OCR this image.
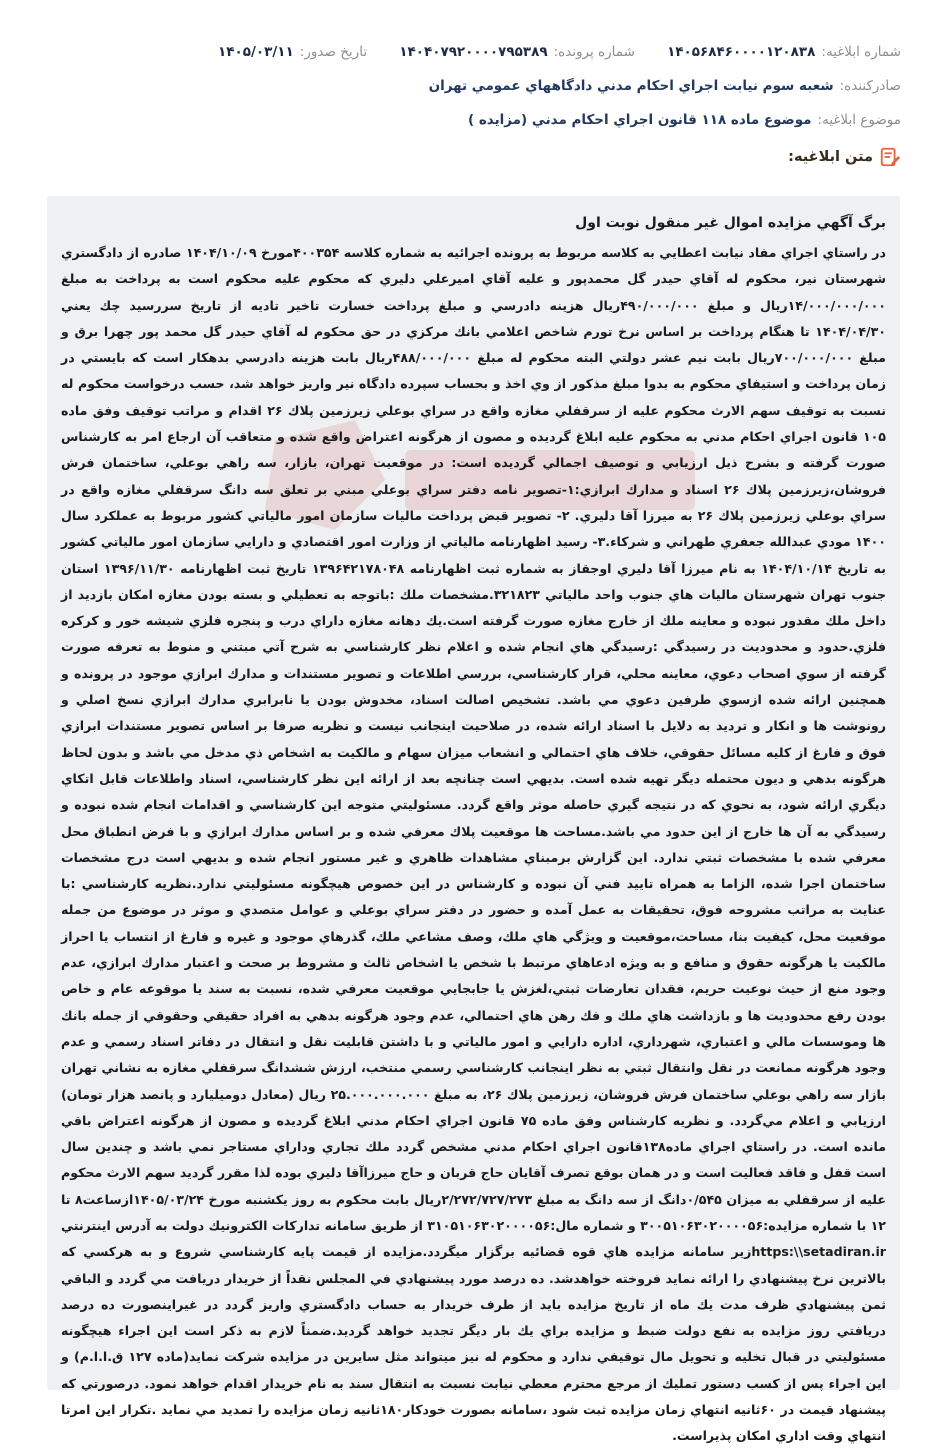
شماره ابلاغیه:
۱۴۰۵۶۸۴۶۰۰۰۰۱۲۰۸۳۸
شماره پرونده:
۱۴۰۴۰۷۹۲۰۰۰۰۷۹۵۳۸۹
تاریخ صدور:
۱۴۰۵/۰۳/۱۱
صادرکننده:
شعبه سوم نيابت اجراي احكام مدني دادگاههاي عمومي تهران
موضوع ابلاغیه:
موضوع ماده ۱۱۸ قانون اجراي احكام مدني (مزايده )
متن ابلاغیه:
برگ آگهي مزايده اموال غير منقول نوبت اول
در راستاي اجراي مفاد نيابت اعطايي به كلاسه مربوط به پرونده اجرائيه به شماره كلاسه ۴۰۰۳۵۴مورخ ۱۴۰۴/۱۰/۰۹ صادره از دادگستري شهرستان نير، محكوم له آقاي حيدر گل محمدپور و عليه آقاي اميرعلي دليري كه محكوم عليه محكوم است به پرداخت به مبلغ ۱۴/۰۰۰/۰۰۰/۰۰۰ريال و مبلغ ۴۹۰/۰۰۰/۰۰۰ريال هزينه دادرسي و مبلغ پرداخت خسارت تاخير تاديه از تاريخ سررسيد چك يعني ۱۴۰۴/۰۴/۳۰ تا هنگام پرداخت بر اساس نرخ تورم شاخص اعلامي بانك مركزي در حق محكوم له آقاي حيدر گل محمد پور چهرا برق و مبلغ ۷۰۰/۰۰۰/۰۰۰ريال بابت نيم عشر دولتي البته محكوم له مبلغ ۴۸۸/۰۰۰/۰۰۰ريال بابت هزينه دادرسي بدهكار است كه بايستي در زمان پرداخت و استيفاي محكوم به بدوا مبلغ مذكور از وي اخذ و بحساب سپرده دادگاه نير واريز خواهد شد، حسب درخواست محكوم له نسبت به توقيف سهم الارث محكوم عليه از سرقفلي مغازه واقع در سراي بوعلي زيرزمين پلاك ۲۶ اقدام و مراتب توقيف وفق ماده ۱۰۵ قانون اجراي احكام مدني به محكوم عليه ابلاغ گرديده و مصون از هرگونه اعتراض واقع شده و متعاقب آن ارجاع امر به كارشناس صورت گرفته و بشرح ذيل ارزيابي و توصيف اجمالي گرديده است: در موقعيت تهران، بازار، سه راهي بوعلي، ساختمان فرش فروشان،زيرزمين پلاك ۲۶ اسناد و مدارك ابرازي:۱-تصوير نامه دفتر سراي بوعلي مبني بر تعلق سه دانگ سرقفلي مغازه واقع در سراي بوعلي زيرزمين پلاك ۲۶ به ميرزا آقا دليري. ۲- تصوير قبض پرداخت ماليات سازمان امور مالياتي كشور مربوط به عملكرد سال ۱۴۰۰ مودي عبدالله جعفري طهراني و شركاء.۳- رسيد اظهارنامه مالياتي از وزارت امور اقتصادي و دارايي سازمان امور مالياتي كشور به تاريخ ۱۴۰۴/۱۰/۱۴ به نام ميرزا آقا دليري اوجقاز به شماره ثبت اظهارنامه ۱۳۹۶۴۲۱۷۸۰۴۸ تاريخ ثبت اظهارنامه ۱۳۹۶/۱۱/۳۰ استان جنوب تهران شهرستان ماليات هاي جنوب واحد مالياتي ۳۲۱۸۲۳.مشخصات ملك :باتوجه به تعطيلي و بسته بودن مغازه امكان بازديد از داخل ملك مقدور نبوده و معاينه ملك از خارج مغازه صورت گرفته است.يك دهانه مغازه داراي درب و پنجره فلزي شيشه خور و كركره فلزي.حدود و محدوديت در رسيدگي :رسيدگي هاي انجام شده و اعلام نظر كارشناسي به شرح آتي مبتني و منوط به تعرفه صورت گرفته از سوي اصحاب دعوي، معاينه محلي، قرار كارشناسي، بررسي اطلاعات و تصوير مستندات و مدارك ابرازي موجود در پرونده و همچنين ارائه شده ازسوي طرفين دعوي مي باشد. تشخيص اصالت اسناد، مخدوش بودن يا نابرابري مدارك ابرازي نسخ اصلي و رونوشت ها و انكار و ترديد به دلايل با اسناد ارائه شده، در صلاحيت اينجانب نيست و نظريه صرفا بر اساس تصوير مستندات ابرازي فوق و فارغ از كليه مسائل حقوقي، خلاف هاي احتمالي و انشعاب ميزان سهام و مالكيت به اشخاص ذي مدخل مي باشد و بدون لحاظ هرگونه بدهي و ديون محتمله ديگر تهيه شده است. بديهي است چنانچه بعد از ارائه اين نظر كارشناسي، اسناد واطلاعات قابل اتكاي ديگري ارائه شود، به نحوي كه در نتيجه گيري حاصله موثر واقع گردد. مسئوليتي متوجه اين كارشناسي و اقدامات انجام شده نبوده و رسيدگي به آن ها خارج از اين حدود مي باشد.مساحت ها موقعيت پلاك معرفي شده و بر اساس مدارك ابرازي و با فرض انطباق محل معرفي شده با مشخصات ثبتي ندارد. اين گزارش برمبناي مشاهدات ظاهري و غير مستور انجام شده و بديهي است درج مشخصات ساختمان اجرا شده، الزاما به همراه تاييد فني آن نبوده و كارشناس در اين خصوص هيچگونه مسئوليتي ندارد.نظريه كارشناسي :با عنايت به مراتب مشروحه فوق، تحقيقات به عمل آمده و حضور در دفتر سراي بوعلي و عوامل متصدي و موثر در موضوع من جمله موقعيت محل، كيفيت بنا، مساحت،موقعيت و ويژگي هاي ملك، وصف مشاعي ملك، گذرهاي موجود و غيره و فارغ از انتساب يا احراز مالكيت يا هرگونه حقوق و منافع و به ويژه ادعاهاي مرتبط با شخص يا اشخاص ثالث و مشروط بر صحت و اعتبار مدارك ابرازي، عدم وجود منع از حيث نوعيت حريم، فقدان تعارضات ثبتي،لغزش يا جابجايي موقعيت معرفي شده، نسبت به سند يا موقوعه عام و خاص بودن رفع محدوديت ها و بازداشت هاي ملك و فك رهن هاي احتمالي، عدم وجود هرگونه بدهي به افراد حقيقي وحقوقي از جمله بانك ها وموسسات مالي و اعتباري، شهرداري، اداره دارايي و امور مالياتي و با داشتن قابليت نقل و انتقال در دفاتر اسناد رسمي و عدم وجود هرگونه ممانعت در نقل وانتقال ثبتي به نظر اينجانب كارشناسي رسمي منتخب، ارزش ششدانگ سرقفلي مغازه به نشاني تهران بازار سه راهي بوعلي ساختمان فرش فروشان، زيرزمين پلاك ۲۶، به مبلغ ۲۵.۰۰۰.۰۰۰.۰۰۰ ريال (معادل دوميليارد و پانصد هزار تومان) ارزيابي و اعلام مي‌گردد. و نظريه كارشناس وفق ماده ۷۵ قانون اجراي احكام مدني ابلاغ گرديده و مصون از هرگونه اعتراض باقي مانده است. در راستاي اجراي ماده۱۳۸قانون اجراي احكام مدني مشخص گردد ملك تجاري وداراي مستاجر نمي باشد و چندين سال است قفل و فاقد فعاليت است و در همان بوقع تصرف آقايان حاج قربان و حاج ميرزاآقا دليري بوده لذا مقرر گرديد سهم الارث محكوم عليه از سرقفلي به ميزان ۰/۵۴۵دانگ از سه دانگ به مبلغ ۲/۲۷۲/۷۲۷/۲۷۳ريال بابت محكوم به روز يكشنبه مورخ ۱۴۰۵/۰۳/۲۴ازساعت۸ تا ۱۲ با شماره مزايده:۳۰۰۵۱۰۶۳۰۲۰۰۰۰۵۶ و شماره مال:۳۱۰۵۱۰۶۳۰۲۰۰۰۰۵۶ از طريق سامانه تداركات الكترونيك دولت به آدرس اينترنتي https:\\setadiran.irزير سامانه مزايده هاي قوه قضائيه برگزار ميگردد.مزايده از قيمت پايه كارشناسي شروع و به هركسي كه بالاترين نرخ پيشنهادي را ارائه نمايد فروخته خواهدشد. ده درصد مورد پيشنهادي في المجلس نقداً از خريدار دريافت مي گردد و الباقي ثمن پيشنهادي ظرف مدت يك ماه از تاريخ مزايده بايد از طرف خريدار به حساب دادگستري واريز گردد در غيراينصورت ده درصد دريافتي روز مزايده به نفع دولت ضبط و مزايده براي يك بار ديگر تجديد خواهد گرديد.ضمناً لازم به ذكر است اين اجراء هيچگونه مسئوليتي در قبال تخليه و تحويل مال توقيفي ندارد و محكوم له نيز ميتواند مثل سايرين در مزايده شركت نمايد(ماده ۱۲۷ ق.ا.ا.م) و اين اجراء پس از كسب دستور تمليك از مرجع محترم معطي نيابت نسبت به انتقال سند به نام خريدار اقدام خواهد نمود. درصورتي كه پيشنهاد قيمت در ۶۰ثانيه انتهاي زمان مزايده ثبت شود ،سامانه بصورت خودكار۱۸۰ثانيه زمان مزايده را تمديد مي نمايد .تكرار اين امرتا انتهاي وقت اداري امكان پذيراست.
